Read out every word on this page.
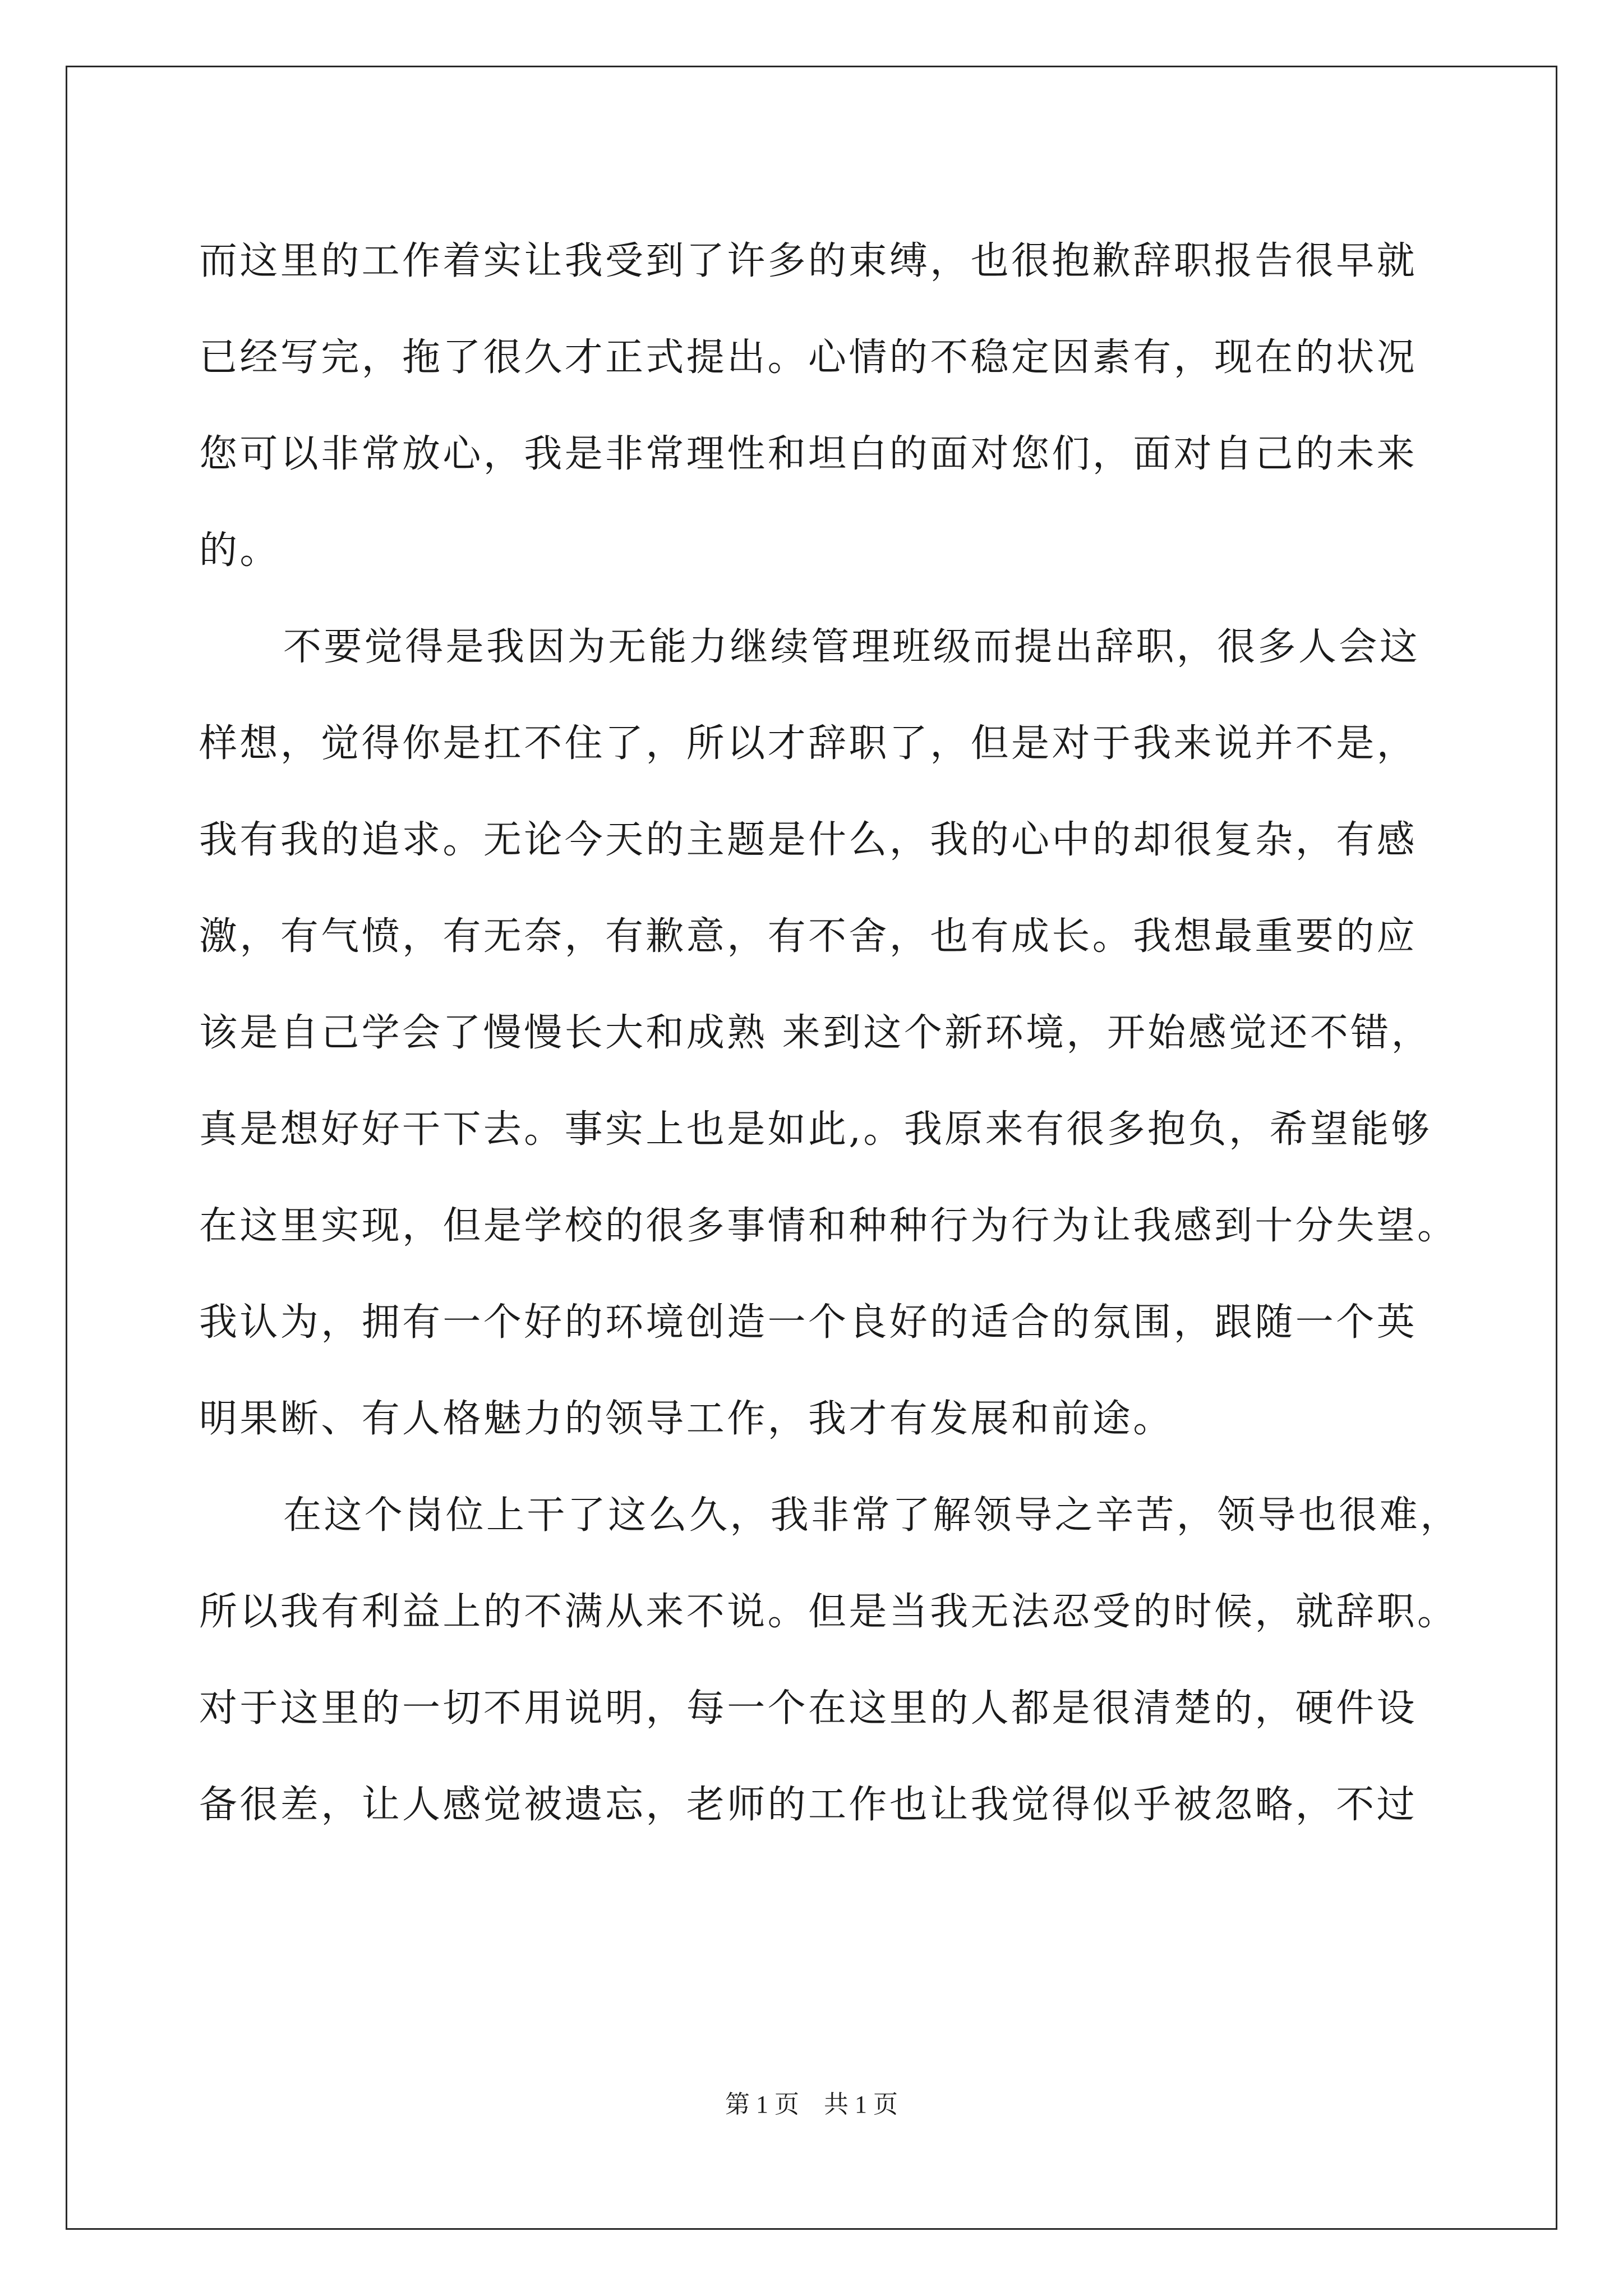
而这里的工作着实让我受到了许多的束缚，也很抱歉辞职报告很早就
已经写完，拖了很久才正式提出。心情的不稳定因素有，现在的状况
您可以非常放心，我是非常理性和坦白的面对您们，面对自己的未来
的。
不要觉得是我因为无能力继续管理班级而提出辞职，很多人会这
样想，觉得你是扛不住了，所以才辞职了，但是对于我来说并不是，
我有我的追求。无论今天的主题是什么，我的心中的却很复杂，有感
激，有气愤，有无奈，有歉意，有不舍，也有成长。我想最重要的应
该是自己学会了慢慢长大和成熟 来到这个新环境，开始感觉还不错，
真是想好好干下去。事实上也是如此,。我原来有很多抱负，希望能够
在这里实现，但是学校的很多事情和种种行为行为让我感到十分失望。
我认为，拥有一个好的环境创造一个良好的适合的氛围，跟随一个英
明果断、有人格魅力的领导工作，我才有发展和前途。
在这个岗位上干了这么久，我非常了解领导之辛苦，领导也很难，
所以我有利益上的不满从来不说。但是当我无法忍受的时候，就辞职。
对于这里的一切不用说明，每一个在这里的人都是很清楚的，硬件设
备很差，让人感觉被遗忘，老师的工作也让我觉得似乎被忽略，不过
第 1 页　共 1 页
